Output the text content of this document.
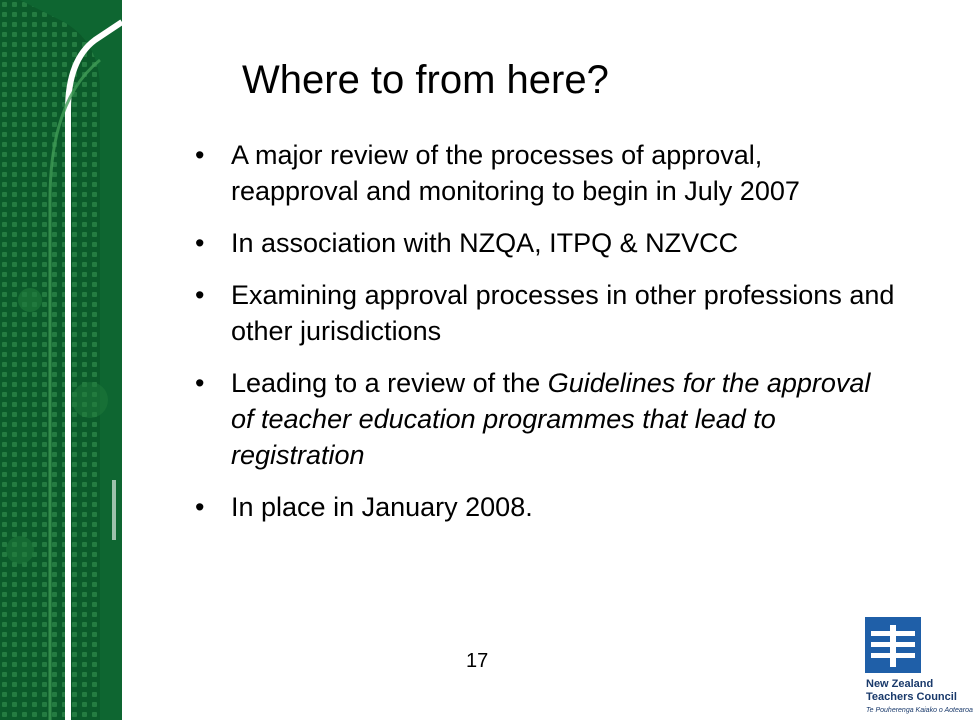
Where to from here?
• A major review of the processes of approval, reapproval and monitoring to begin in July 2007
• In association with NZQA, ITPQ & NZVCC
• Examining approval processes in other professions and other jurisdictions
• Leading to a review of the Guidelines for the approval of teacher education programmes that lead to registration
• In place in January 2008.
17
New Zealand
Teachers Council
Te Pouherenga Kaiako o Aotearoa
